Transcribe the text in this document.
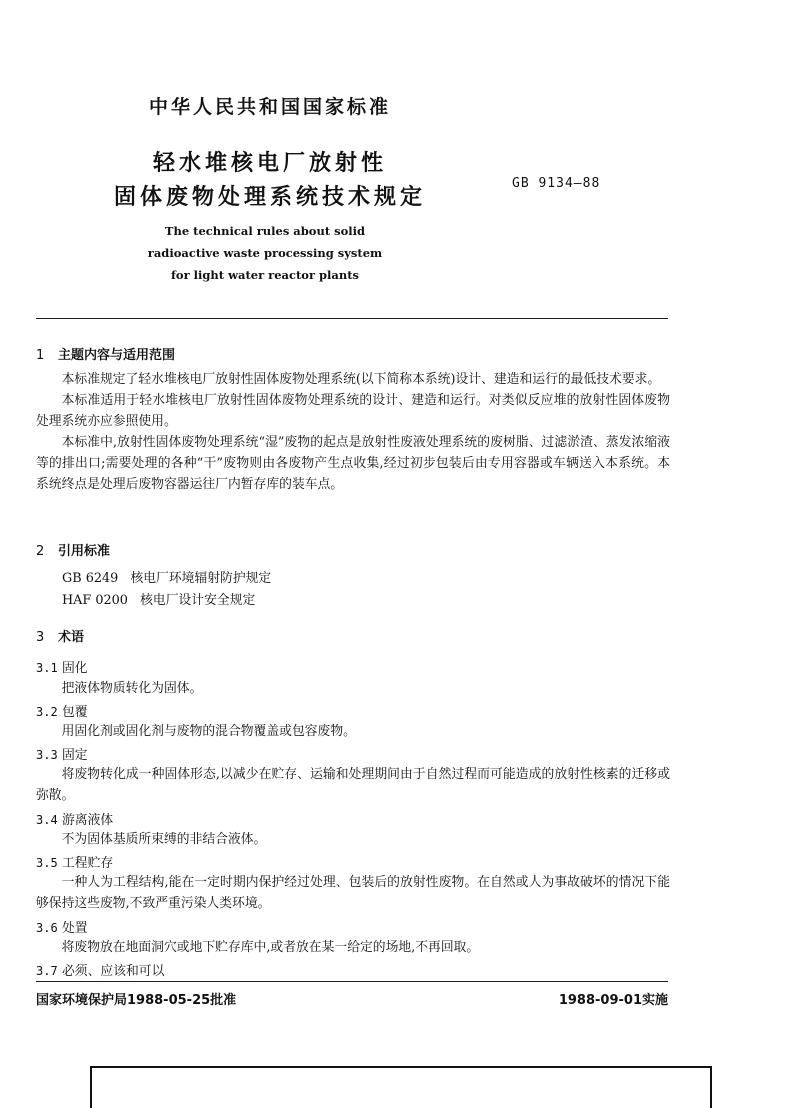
中华人民共和国国家标准
轻水堆核电厂放射性
固体废物处理系统技术规定
GB 9134—88
The technical rules about solid
radioactive waste processing system
for light water reactor plants
1 主题内容与适用范围

本标准规定了轻水堆核电厂放射性固体废物处理系统(以下简称本系统)设计、建造和运行的最低技术要求。

本标准适用于轻水堆核电厂放射性固体废物处理系统的设计、建造和运行。对类似反应堆的放射性固体废物处理系统亦应参照使用。

本标准中,放射性固体废物处理系统“湿”废物的起点是放射性废液处理系统的废树脂、过滤淤渣、蒸发浓缩液等的排出口;需要处理的各种“干”废物则由各废物产生点收集,经过初步包装后由专用容器或车辆送入本系统。本系统终点是处理后废物容器运往厂内暂存库的装车点。

2 引用标准
GB 6249   核电厂环境辐射防护规定
HAF 0200   核电厂设计安全规定
3 术语
3.1 固化

把液体物质转化为固体。

3.2 包覆

用固化剂或固化剂与废物的混合物覆盖或包容废物。

3.3 固定

将废物转化成一种固体形态,以减少在贮存、运输和处理期间由于自然过程而可能造成的放射性核素的迁移或弥散。

3.4 游离液体

不为固体基质所束缚的非结合液体。

3.5 工程贮存

一种人为工程结构,能在一定时期内保护经过处理、包装后的放射性废物。在自然或人为事故破坏的情况下能够保持这些废物,不致严重污染人类环境。

3.6 处置

将废物放在地面洞穴或地下贮存库中,或者放在某一给定的场地,不再回取。

3.7 必须、应该和可以
国家环境保护局1988-05-25批准	1988-09-01实施
